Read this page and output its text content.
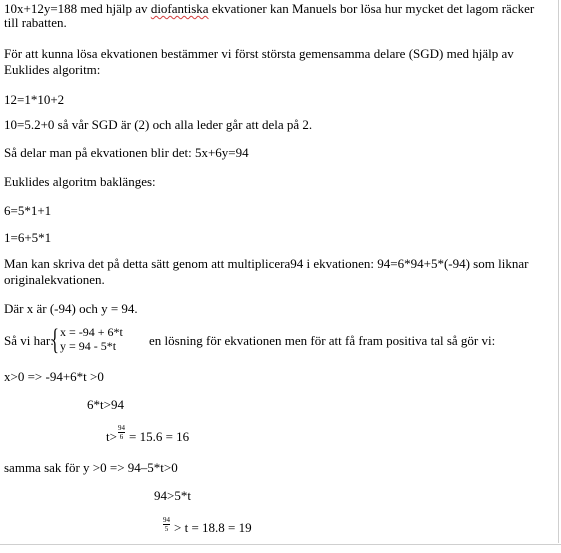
10x+12y=188 med hjälp av diofantiska ekvationer kan Manuels bor lösa hur mycket det lagom räcker
till rabatten.
För att kunna lösa ekvationen bestämmer vi först största gemensamma delare (SGD) med hjälp av
Euklides algoritm:
12=1*10+2
10=5.2+0 så vår SGD är (2) och alla leder går att dela på 2.
Så delar man på ekvationen blir det: 5x+6y=94
Euklides algoritm baklänges:
6=5*1+1
1=6+5*1
Man kan skriva det på detta sätt genom att multiplicera94 i ekvationen: 94=6*94+5*(-94) som liknar
originalekvationen.
Där x är (-94) och y = 94.
Så vi har:
{ x = -94 + 6*t
y = 94 - 5*t	en lösning för ekvationen men för att få fram positiva tal så gör vi:
x>0 => -94+6*t >0
6*t>94
t>
94
6 = 15.6 = 16
samma sak för y >0 => 94–5*t>0
94>5*t
94
5 > t = 18.8 = 19
